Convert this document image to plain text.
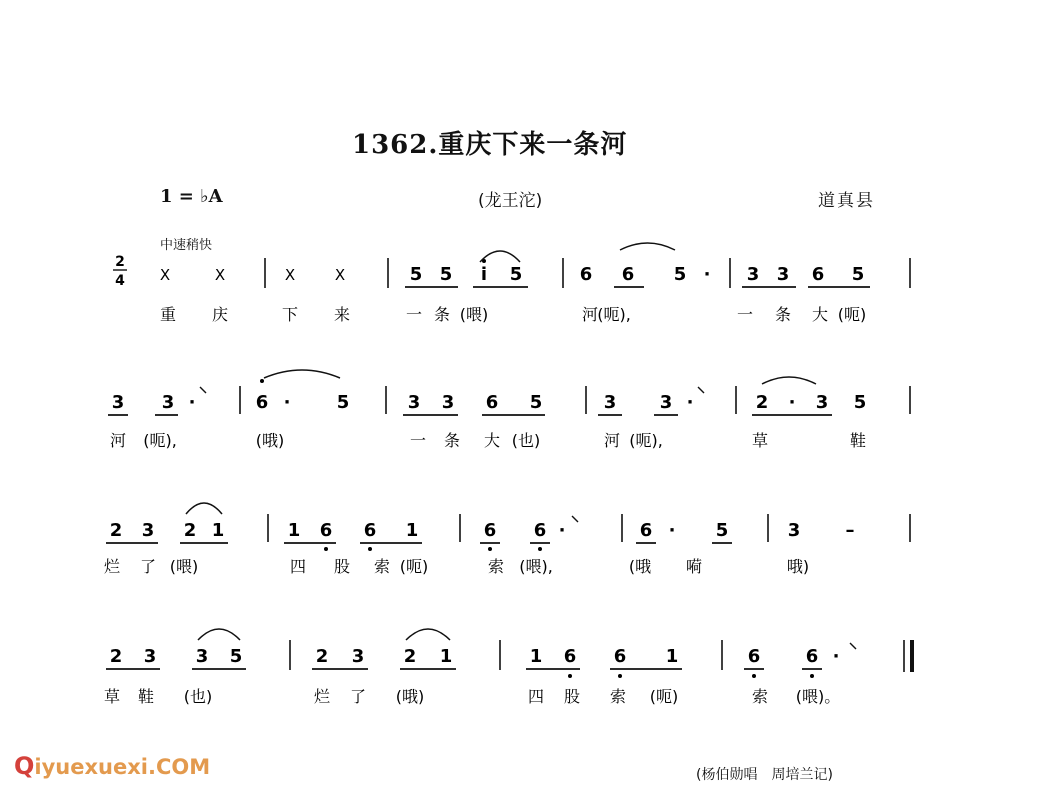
1362.重庆下来一条河
1 = ♭A	(龙王沱)	道真县
中速稍快
2
4 X	X	X	X	5 5 i 5	6 6 5 · 3 3 6 5
重 庆	下 来	一 条 (喂)	河 (呃),	一 条 大 (呃)
3 3 ·	6 ·	5	3 3 6 5	3 3 ·	2 · 3 5
河 (呃),	(哦)	一 条 大 (也)	河 (呃),	草	鞋
2 3 2 1	1 6 6 1	6 6 ·	6 · 5	3	–
烂 了 (喂)	四 股 索 (呃)	索 (喂),	(哦 嗬	哦)
2 3 3 5	2 3 2 1	1 6 6 1	6	6 ·
草 鞋 (也)	烂 了 (哦)	四 股 索 (呃)	索 (喂)。
(杨伯勋唱　周培兰记)
Qiyuexuexi.COM
